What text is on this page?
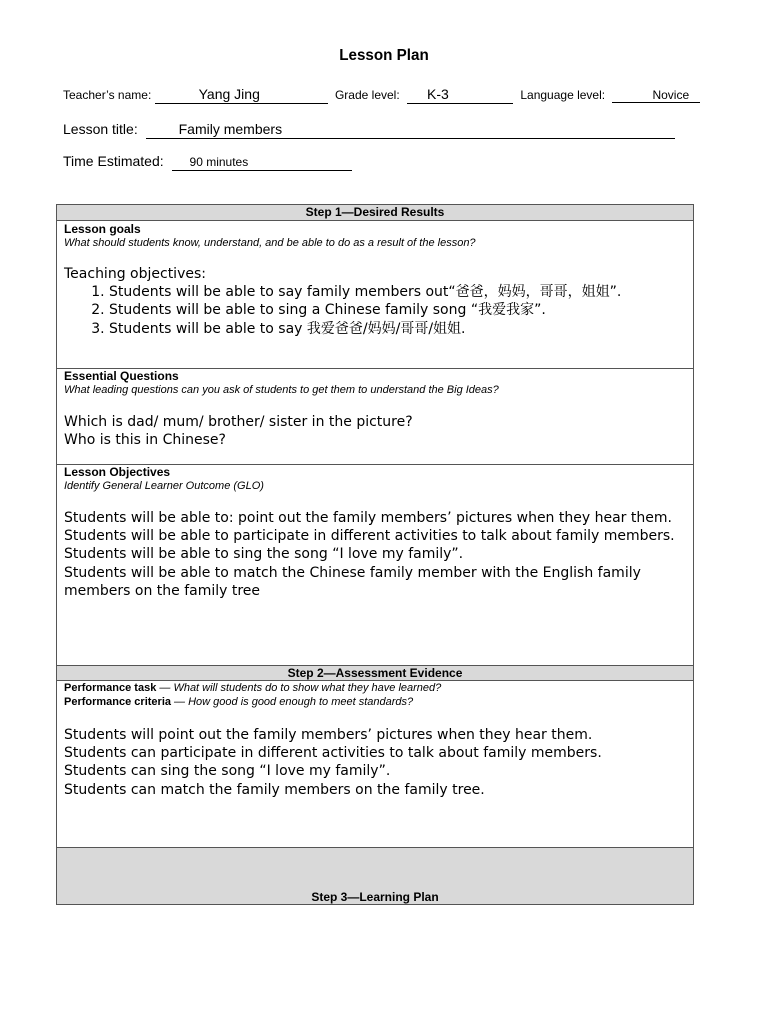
Lesson Plan
Teacher’s name:	Yang Jing	Grade level: K-3	Language level:	Novice
Lesson title:	Family members
Time Estimated: 90 minutes
Step 1—Desired Results
Lesson goals
What should students know, understand, and be able to do as a result of the lesson?

Teaching objectives:

1. Students will be able to say family members out“爸爸，妈妈，哥哥，姐姐”.
2. Students will be able to sing a Chinese family song “我爱我家”.
3. Students will be able to say 我爱爸爸/妈妈/哥哥/姐姐.
Essential Questions
What leading questions can you ask of students to get them to understand the Big Ideas?

Which is dad/ mum/ brother/ sister in the picture?

Who is this in Chinese?

Lesson Objectives
Identify General Learner Outcome (GLO)

Students will be able to: point out the family members’ pictures when they hear them.

Students will be able to participate in different activities to talk about family members.

Students will be able to sing the song “I love my family”.

Students will be able to match the Chinese family member with the English family members on the family tree

Step 2—Assessment Evidence
Performance task — What will students do to show what they have learned?
Performance criteria — How good is good enough to meet standards?

Students will point out the family members’ pictures when they hear them.

Students can participate in different activities to talk about family members.

Students can sing the song “I love my family”.

Students can match the family members on the family tree.

Step 3—Learning Plan
